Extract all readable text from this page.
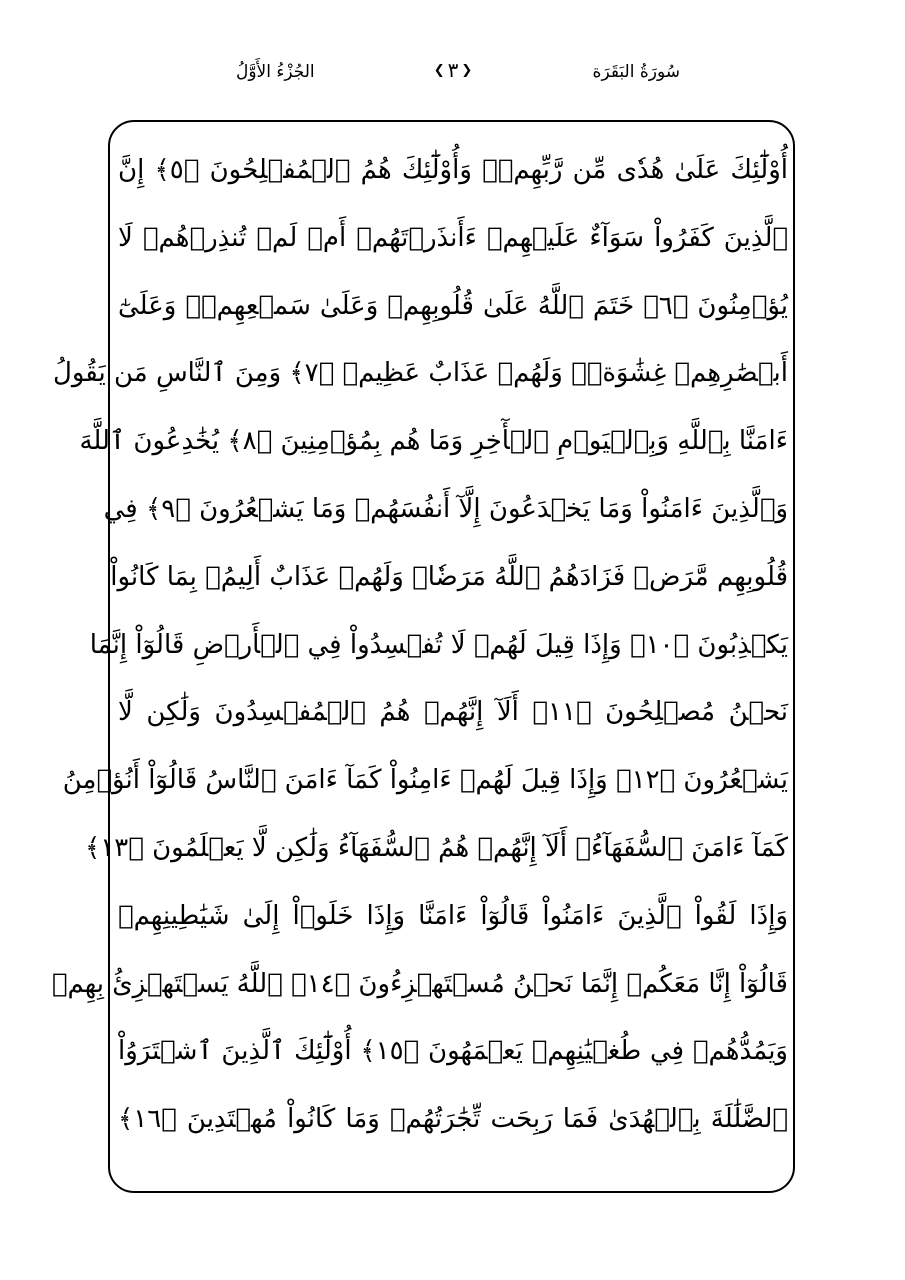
سُورَةُ البَقَرَة
❮ ٣ ❯
الجُزْءُ الأَوَّلُ
أُوْلَٰٓئِكَ عَلَىٰ هُدٗى مِّن رَّبِّهِمۡۖ وَأُوْلَٰٓئِكَ هُمُ ٱلۡمُفۡلِحُونَ ﴿٥﴾ إِنَّ
ٱلَّذِينَ كَفَرُواْ سَوَآءٌ عَلَيۡهِمۡ ءَأَنذَرۡتَهُمۡ أَمۡ لَمۡ تُنذِرۡهُمۡ لَا
يُؤۡمِنُونَ ﴿٦﴾ خَتَمَ ٱللَّهُ عَلَىٰ قُلُوبِهِمۡ وَعَلَىٰ سَمۡعِهِمۡۖ وَعَلَىٰٓ
أَبۡصَٰرِهِمۡ غِشَٰوَةٞۖ وَلَهُمۡ عَذَابٌ عَظِيمٞ ﴿٧﴾ وَمِنَ ٱلنَّاسِ مَن يَقُولُ
ءَامَنَّا بِٱللَّهِ وَبِٱلۡيَوۡمِ ٱلۡأٓخِرِ وَمَا هُم بِمُؤۡمِنِينَ ﴿٨﴾ يُخَٰدِعُونَ ٱللَّهَ
وَٱلَّذِينَ ءَامَنُواْ وَمَا يَخۡدَعُونَ إِلَّآ أَنفُسَهُمۡ وَمَا يَشۡعُرُونَ ﴿٩﴾ فِي
قُلُوبِهِم مَّرَضٞ فَزَادَهُمُ ٱللَّهُ مَرَضٗاۖ وَلَهُمۡ عَذَابٌ أَلِيمُۢ بِمَا كَانُواْ
يَكۡذِبُونَ ﴿١٠﴾ وَإِذَا قِيلَ لَهُمۡ لَا تُفۡسِدُواْ فِي ٱلۡأَرۡضِ قَالُوٓاْ إِنَّمَا
نَحۡنُ مُصۡلِحُونَ ﴿١١﴾ أَلَآ إِنَّهُمۡ هُمُ ٱلۡمُفۡسِدُونَ وَلَٰكِن لَّا
يَشۡعُرُونَ ﴿١٢﴾ وَإِذَا قِيلَ لَهُمۡ ءَامِنُواْ كَمَآ ءَامَنَ ٱلنَّاسُ قَالُوٓاْ أَنُؤۡمِنُ
كَمَآ ءَامَنَ ٱلسُّفَهَآءُۗ أَلَآ إِنَّهُمۡ هُمُ ٱلسُّفَهَآءُ وَلَٰكِن لَّا يَعۡلَمُونَ ﴿١٣﴾
وَإِذَا لَقُواْ ٱلَّذِينَ ءَامَنُواْ قَالُوٓاْ ءَامَنَّا وَإِذَا خَلَوۡاْ إِلَىٰ شَيَٰطِينِهِمۡ
قَالُوٓاْ إِنَّا مَعَكُمۡ إِنَّمَا نَحۡنُ مُسۡتَهۡزِءُونَ ﴿١٤﴾ ٱللَّهُ يَسۡتَهۡزِئُ بِهِمۡ
وَيَمُدُّهُمۡ فِي طُغۡيَٰنِهِمۡ يَعۡمَهُونَ ﴿١٥﴾ أُوْلَٰٓئِكَ ٱلَّذِينَ ٱشۡتَرَوُاْ
ٱلضَّلَٰلَةَ بِٱلۡهُدَىٰ فَمَا رَبِحَت تِّجَٰرَتُهُمۡ وَمَا كَانُواْ مُهۡتَدِينَ ﴿١٦﴾
